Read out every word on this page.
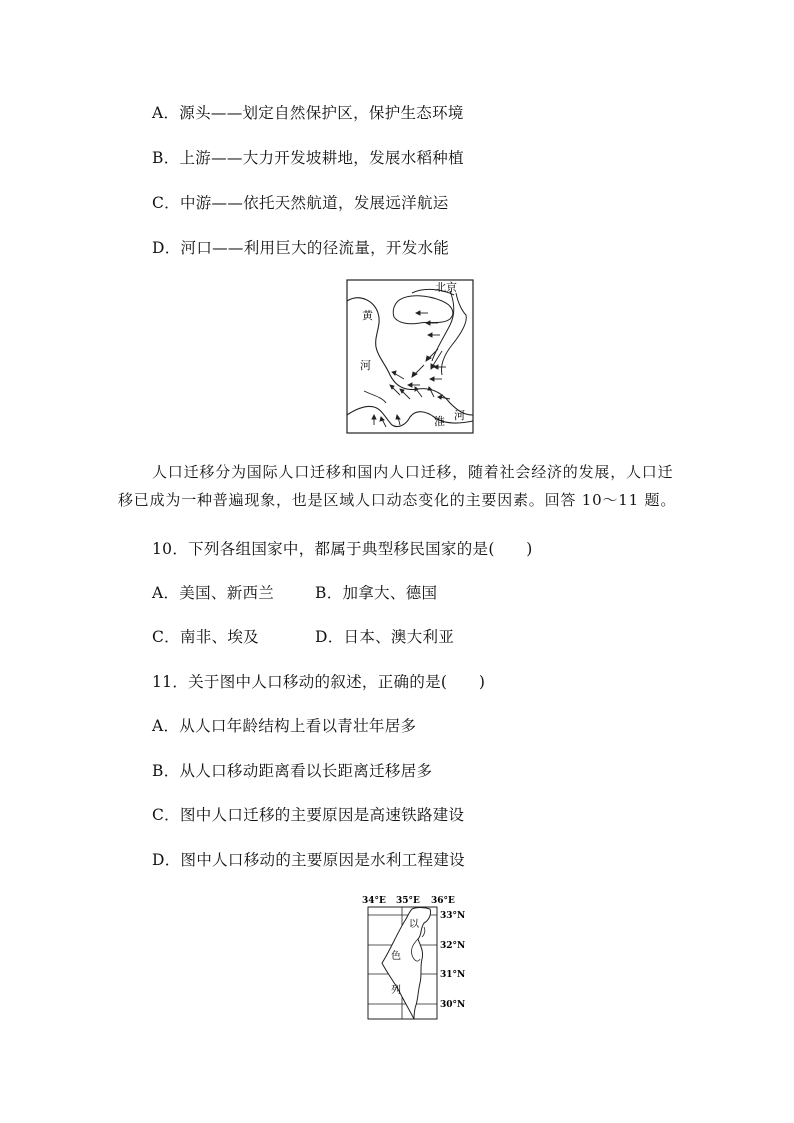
A．源头——划定自然保护区，保护生态环境
B．上游——大力开发坡耕地，发展水稻种植
C．中游——依托天然航道，发展远洋航运
D．河口——利用巨大的径流量，开发水能
北京
黄
河
淮 河
人口迁移分为国际人口迁移和国内人口迁移，随着社会经济的发展，人口迁
移已成为一种普遍现象，也是区域人口动态变化的主要因素。回答 10～11 题。
10．下列各组国家中，都属于典型移民国家的是(　　)
A．美国、新西兰	B．加拿大、德国
C．南非、埃及	D．日本、澳大利亚
11．关于图中人口移动的叙述，正确的是(　　)
A．从人口年龄结构上看以青壮年居多
B．从人口移动距离看以长距离迁移居多
C．图中人口迁移的主要原因是高速铁路建设
D．图中人口移动的主要原因是水利工程建设
34°E 35°E 36°E
33°N
32°N
31°N
30°N
以
色
列
